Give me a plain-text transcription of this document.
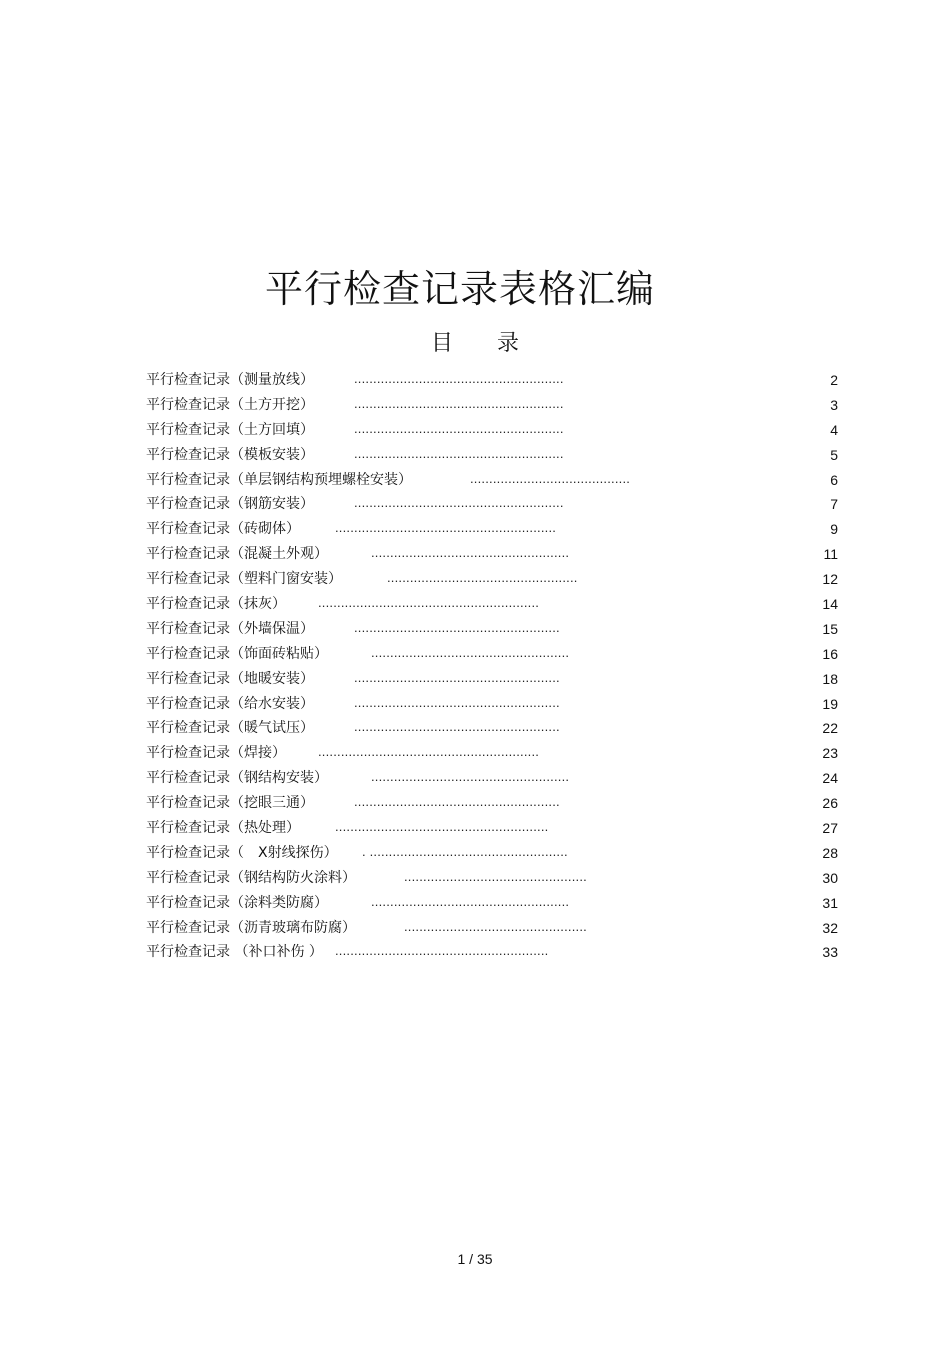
平行检查记录表格汇编
目　　录
平行检查记录（测量放线）	.......................................................	2
平行检查记录（土方开挖）	.......................................................	3
平行检查记录（土方回填）	.......................................................	4
平行检查记录（模板安装）	.......................................................	5
平行检查记录（单层钢结构预埋螺栓安装）	..........................................	6
平行检查记录（钢筋安装）	.......................................................	7
平行检查记录（砖砌体）	..........................................................	9
平行检查记录（混凝土外观）	....................................................	11
平行检查记录（塑料门窗安装）	..................................................	12
平行检查记录（抹灰） ..........................................................	14
平行检查记录（外墙保温）	......................................................	15
平行检查记录（饰面砖粘贴）	....................................................	16
平行检查记录（地暖安装）	......................................................	18
平行检查记录（给水安装）	......................................................	19
平行检查记录（暖气试压）	......................................................	22
平行检查记录（焊接） ..........................................................	23
平行检查记录（钢结构安装）	....................................................	24
平行检查记录（挖眼三通）	......................................................	26
平行检查记录（热处理）	........................................................	27
平行检查记录（　X射线探伤） . ....................................................	28
平行检查记录（钢结构防火涂料）	................................................	30
平行检查记录（涂料类防腐）	....................................................	31
平行检查记录（沥青玻璃布防腐）	................................................	32
平行检查记录 （补口补伤 ） ........................................................	33
1 / 35
